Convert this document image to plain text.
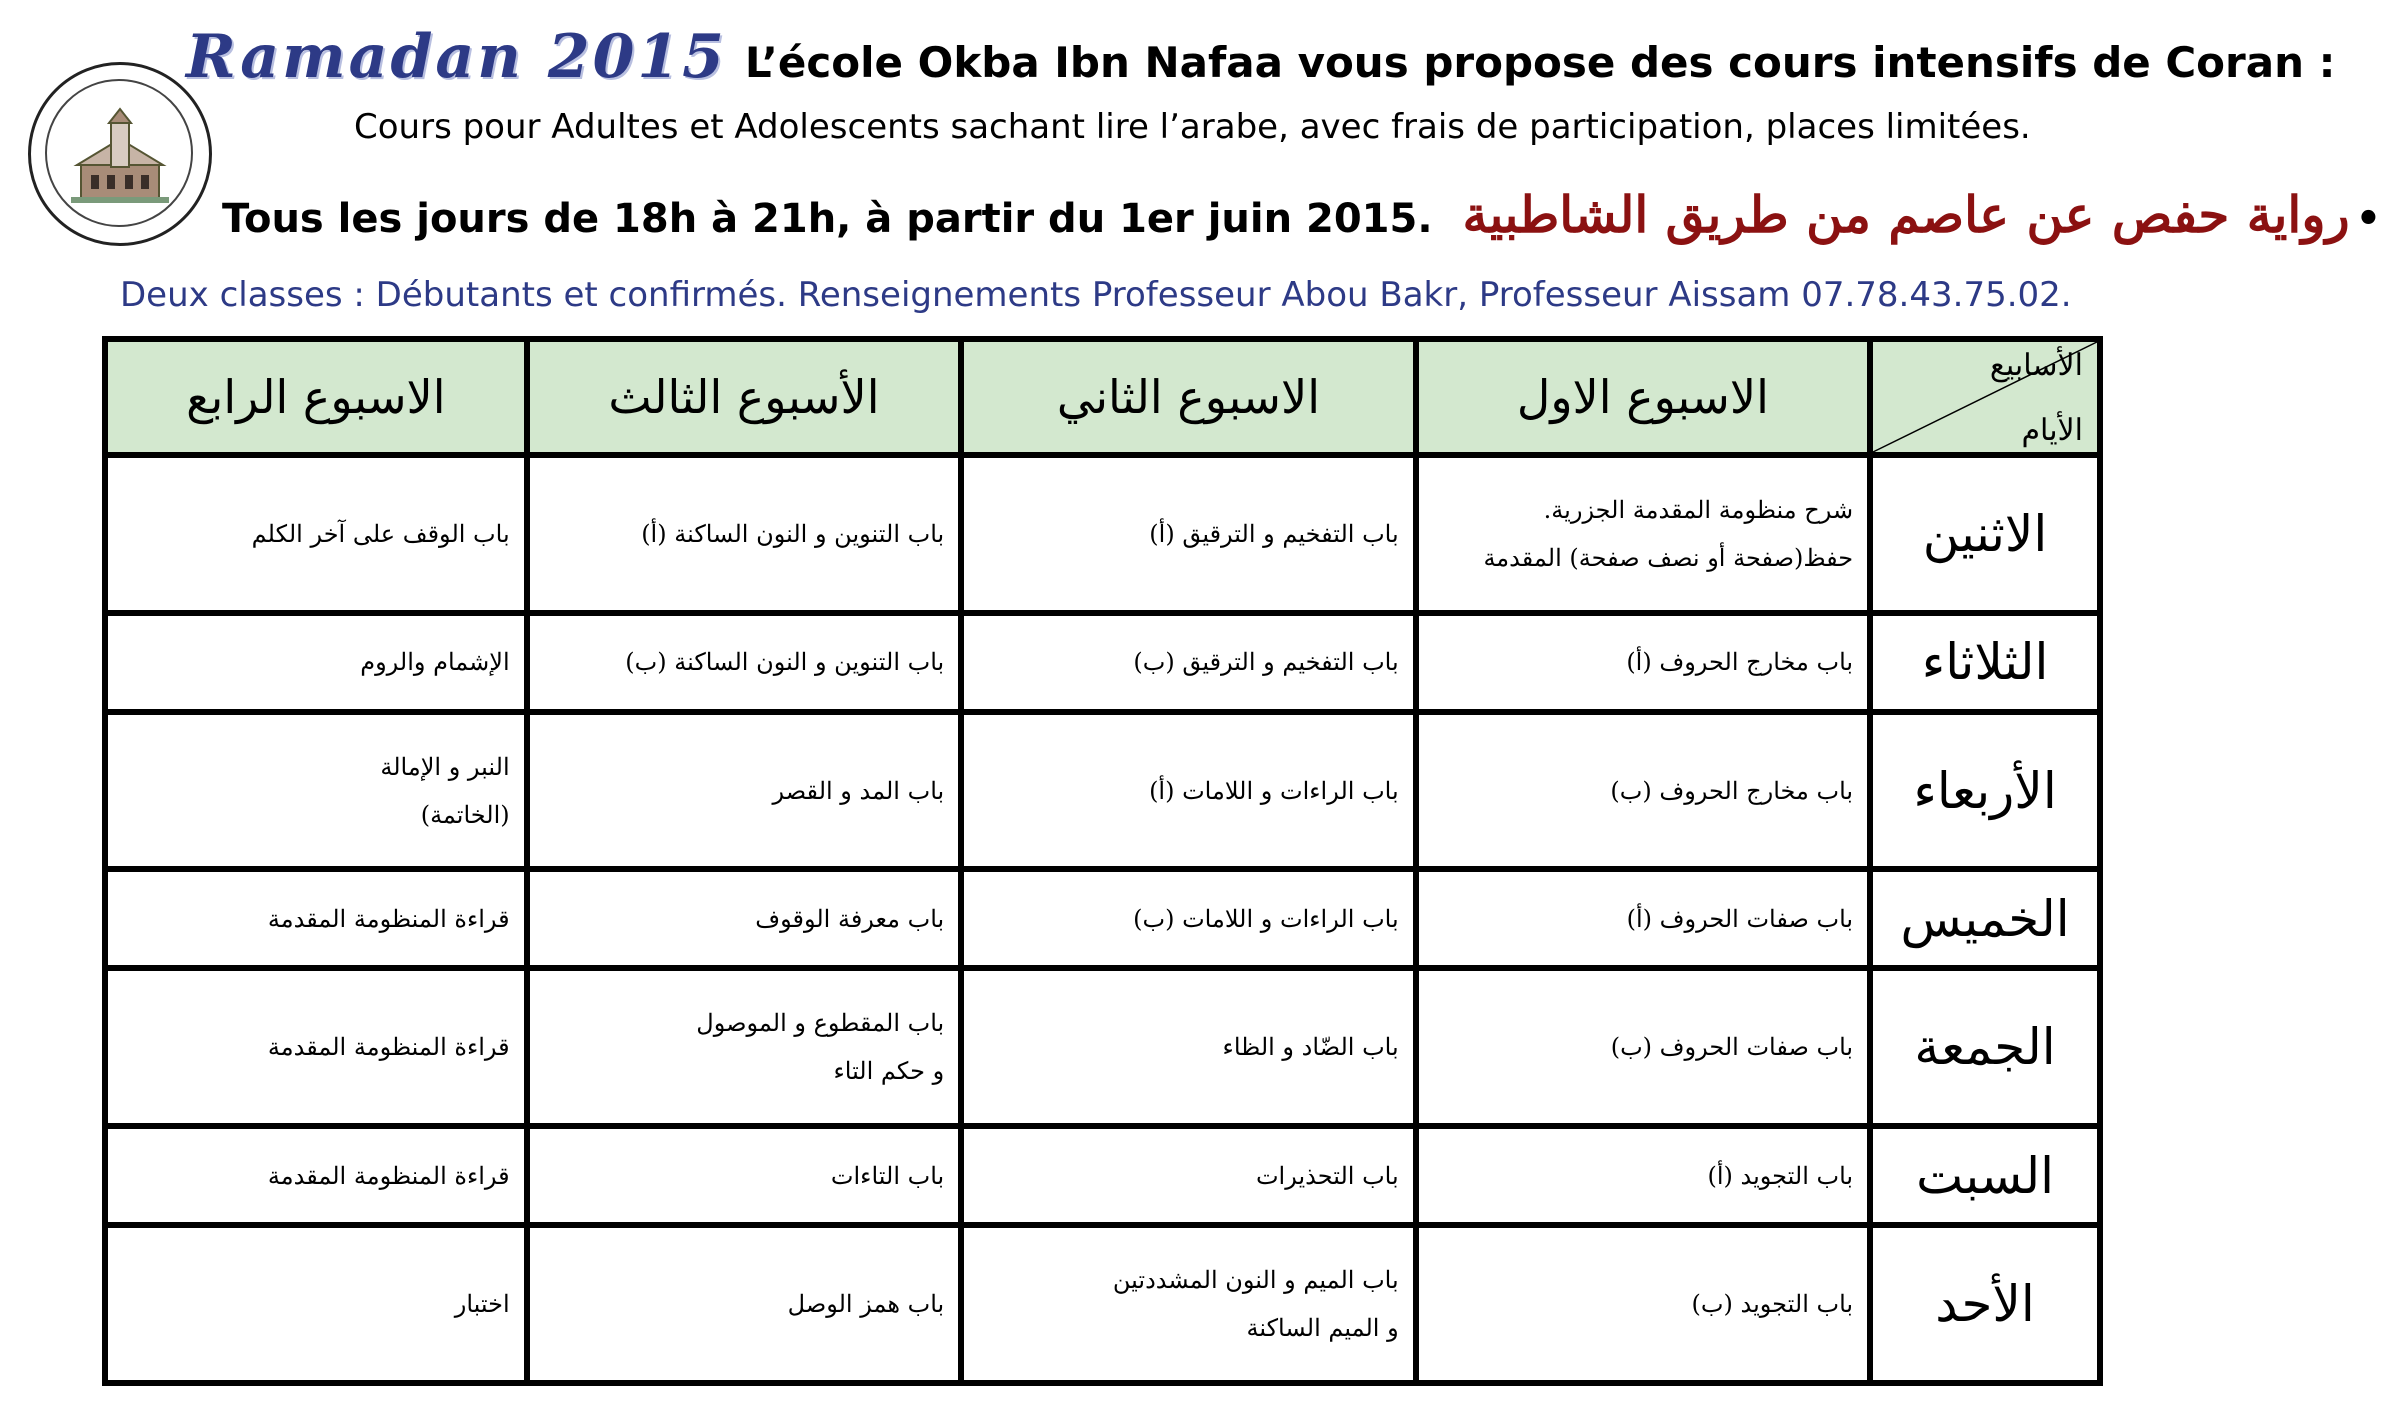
Ramadan 2015 L’école Okba Ibn Nafaa vous propose des cours intensifs de Coran :
Cours pour Adultes et Adolescents sachant lire l’arabe, avec frais de participation, places limitées.
Tous les jours de 18h à 21h, à partir du 1er juin 2015. رواية حفص عن عاصم من طريق الشاطبية •
Deux classes : Débutants et confirmés. Renseignements Professeur Abou Bakr, Professeur Aissam 07.78.43.75.02.
الاسبوع الرابع	الأسبوع الثالث	الاسبوع الثاني	الاسبوع الاول	الأسابيع
الأيام

باب الوقف على آخر الكلم	باب التنوين و النون الساكنة (أ)	باب التفخيم و الترقيق (أ)	شرح منظومة المقدمة الجزرية.
حفظ(صفحة أو نصف صفحة) المقدمة	الاثنين

الإشمام والروم	باب التنوين و النون الساكنة (ب)	باب التفخيم و الترقيق (ب)	باب مخارج الحروف (أ)	الثلاثاء

النبر و الإمالة
(الخاتمة)	باب المد و القصر	باب الراءات و اللامات (أ)	باب مخارج الحروف (ب)	الأربعاء

قراءة المنظومة المقدمة	باب معرفة الوقوف	باب الراءات و اللامات (ب)	باب صفات الحروف (أ)	الخميس

قراءة المنظومة المقدمة	باب المقطوع و الموصول
و حكم التاء	باب الضّاد و الظاء	باب صفات الحروف (ب)	الجمعة

قراءة المنظومة المقدمة	باب التاءات	باب التحذيرات	باب التجويد (أ)	السبت

اختبار	باب همز الوصل	باب الميم و النون المشددتين
و الميم الساكنة	باب التجويد (ب)	الأحد
